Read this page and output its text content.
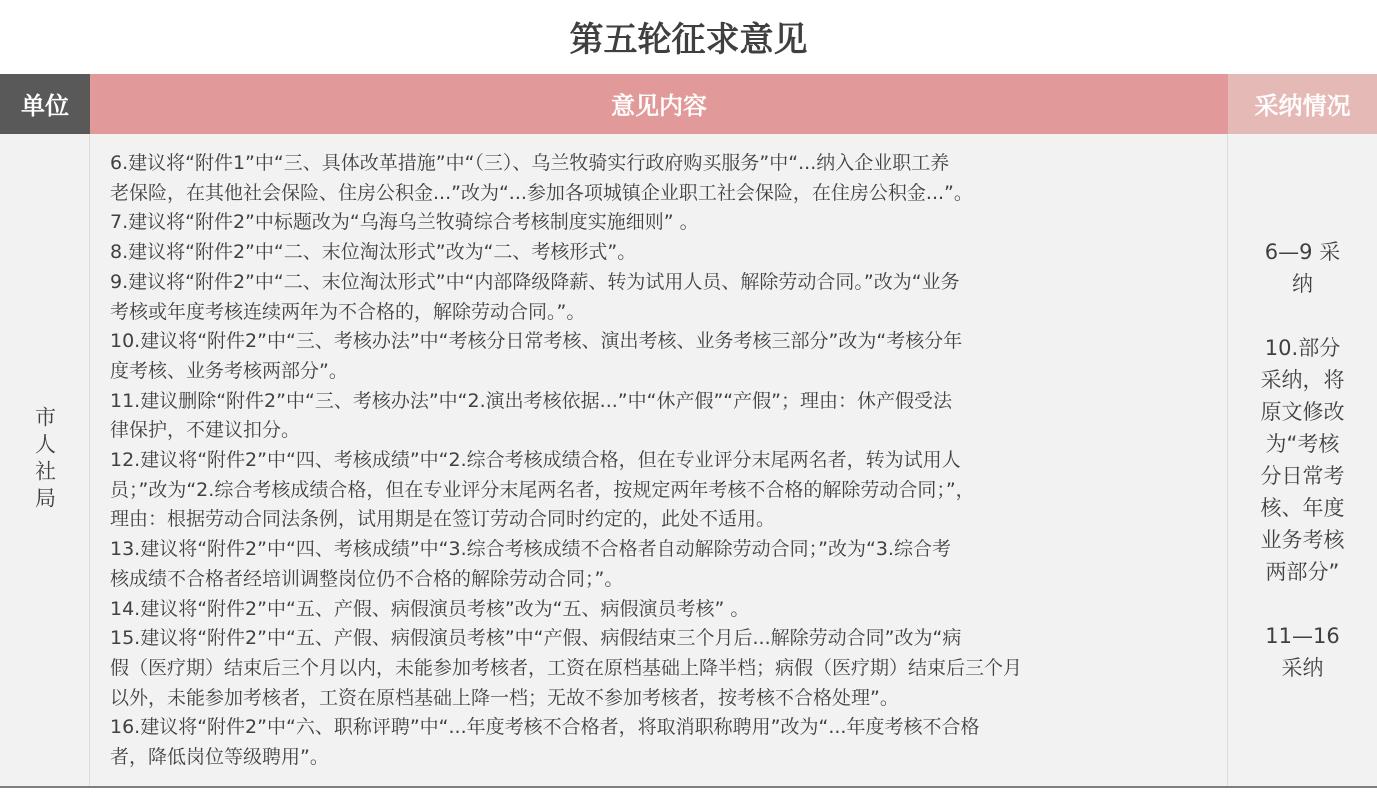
第五轮征求意见
单位	意见内容	采纳情况
市人社局

6.建议将“附件1”中“三、具体改革措施”中“（三）、乌兰牧骑实行政府购买服务”中“...纳入企业职工养
老保险，在其他社会保险、住房公积金...”改为“...参加各项城镇企业职工社会保险，在住房公积金...”。

7.建议将“附件2”中标题改为“乌海乌兰牧骑综合考核制度实施细则” 。

8.建议将“附件2”中“二、末位淘汰形式”改为“二、考核形式”。

9.建议将“附件2”中“二、末位淘汰形式”中“内部降级降薪、转为试用人员、解除劳动合同。”改为“业务
考核或年度考核连续两年为不合格的，解除劳动合同。”。

10.建议将“附件2”中“三、考核办法”中“考核分日常考核、演出考核、业务考核三部分”改为“考核分年
度考核、业务考核两部分”。

11.建议删除“附件2”中“三、考核办法”中“2.演出考核依据...”中“休产假”“产假”；理由：休产假受法
律保护，不建议扣分。

12.建议将“附件2”中“四、考核成绩”中“2.综合考核成绩合格，但在专业评分末尾两名者，转为试用人
员；”改为“2.综合考核成绩合格，但在专业评分末尾两名者，按规定两年考核不合格的解除劳动合同；”，
理由：根据劳动合同法条例，试用期是在签订劳动合同时约定的，此处不适用。

13.建议将“附件2”中“四、考核成绩”中“3.综合考核成绩不合格者自动解除劳动合同；”改为“3.综合考
核成绩不合格者经培训调整岗位仍不合格的解除劳动合同；”。

14.建议将“附件2”中“五、产假、病假演员考核”改为“五、病假演员考核” 。

15.建议将“附件2”中“五、产假、病假演员考核”中“产假、病假结束三个月后...解除劳动合同”改为“病
假（医疗期）结束后三个月以内，未能参加考核者，工资在原档基础上降半档；病假（医疗期）结束后三个月
以外，未能参加考核者，工资在原档基础上降一档；无故不参加考核者，按考核不合格处理”。

16.建议将“附件2”中“六、职称评聘”中“...年度考核不合格者，将取消职称聘用”改为“...年度考核不合格
者，降低岗位等级聘用”。

6—9 采
纳

10.部分
采纳，将
原文修改
为“考核
分日常考
核、年度
业务考核
两部分”

11—16
采纳
